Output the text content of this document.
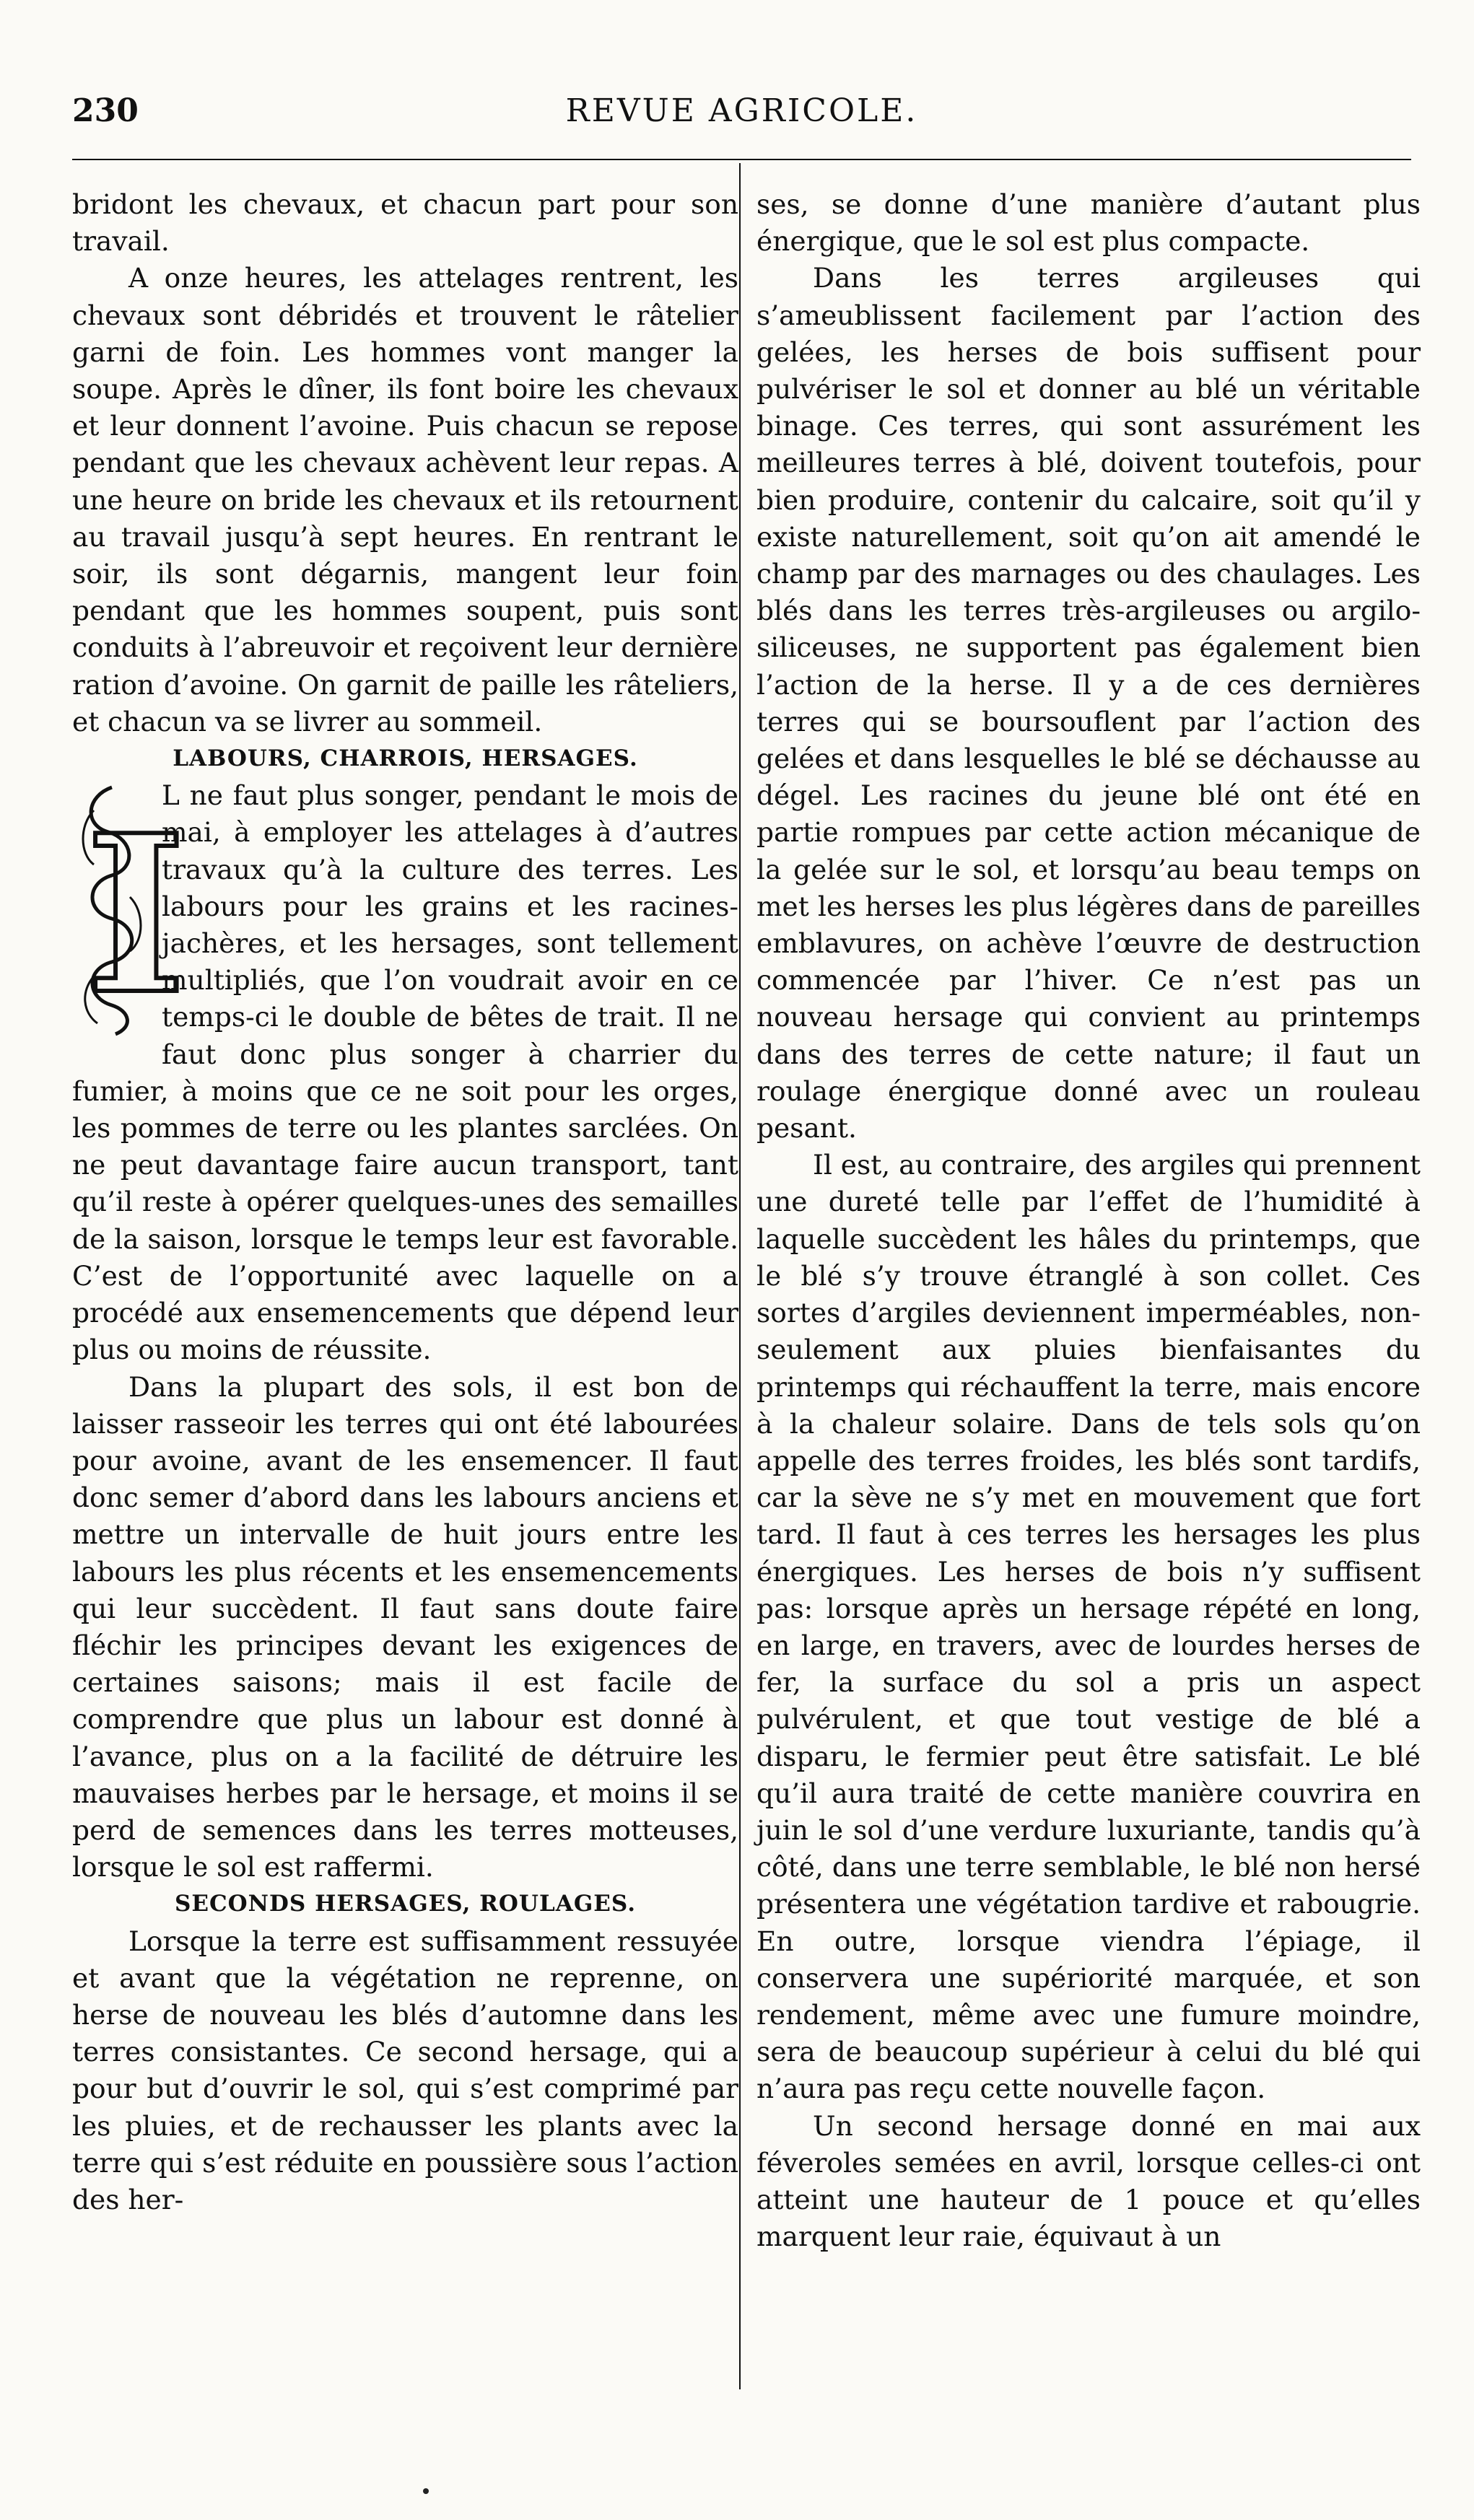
230	REVUE AGRICOLE.

bridont les chevaux, et chacun part pour son travail.

A onze heures, les attelages rentrent, les chevaux sont débridés et trouvent le râtelier garni de foin. Les hommes vont manger la soupe. Après le dîner, ils font boire les chevaux et leur donnent l’avoine. Puis chacun se repose pendant que les chevaux achèvent leur repas. A une heure on bride les chevaux et ils retournent au travail jusqu’à sept heures. En rentrant le soir, ils sont dégarnis, mangent leur foin pendant que les hommes soupent, puis sont conduits à l’abreuvoir et reçoivent leur dernière ration d’avoine. On garnit de paille les râteliers, et chacun va se livrer au sommeil.

LABOURS, CHARROIS, HERSAGES.
I

L ne faut plus songer, pendant le mois de mai, à employer les attelages à d’autres travaux qu’à la culture des terres. Les labours pour les grains et les racines-jachères, et les hersages, sont tellement multipliés, que l’on voudrait avoir en ce temps-ci le double de bêtes de trait. Il ne faut donc plus songer à charrier du fumier, à moins que ce ne soit pour les orges, les pommes de terre ou les plantes sarclées. On ne peut davantage faire aucun transport, tant qu’il reste à opérer quelques-unes des semailles de la saison, lorsque le temps leur est favorable. C’est de l’opportunité avec laquelle on a procédé aux ensemencements que dépend leur plus ou moins de réussite.

Dans la plupart des sols, il est bon de laisser rasseoir les terres qui ont été labourées pour avoine, avant de les ensemencer. Il faut donc semer d’abord dans les labours anciens et mettre un intervalle de huit jours entre les labours les plus récents et les ensemencements qui leur succèdent. Il faut sans doute faire fléchir les principes devant les exigences de certaines saisons; mais il est facile de comprendre que plus un labour est donné à l’avance, plus on a la facilité de détruire les mauvaises herbes par le hersage, et moins il se perd de semences dans les terres motteuses, lorsque le sol est raffermi.

SECONDS HERSAGES, ROULAGES.

Lorsque la terre est suffisamment ressuyée et avant que la végétation ne reprenne, on herse de nouveau les blés d’automne dans les terres consistantes. Ce second hersage, qui a pour but d’ouvrir le sol, qui s’est comprimé par les pluies, et de rechausser les plants avec la terre qui s’est réduite en poussière sous l’action des her-

ses, se donne d’une manière d’autant plus énergique, que le sol est plus compacte.

Dans les terres argileuses qui s’ameublissent facilement par l’action des gelées, les herses de bois suffisent pour pulvériser le sol et donner au blé un véritable binage. Ces terres, qui sont assurément les meilleures terres à blé, doivent toutefois, pour bien produire, contenir du calcaire, soit qu’il y existe naturellement, soit qu’on ait amendé le champ par des marnages ou des chaulages. Les blés dans les terres très-argileuses ou argilo-siliceuses, ne supportent pas également bien l’action de la herse. Il y a de ces dernières terres qui se boursouflent par l’action des gelées et dans lesquelles le blé se déchausse au dégel. Les racines du jeune blé ont été en partie rompues par cette action mécanique de la gelée sur le sol, et lorsqu’au beau temps on met les herses les plus légères dans de pareilles emblavures, on achève l’œuvre de destruction commencée par l’hiver. Ce n’est pas un nouveau hersage qui convient au printemps dans des terres de cette nature; il faut un roulage énergique donné avec un rouleau pesant.

Il est, au contraire, des argiles qui prennent une dureté telle par l’effet de l’humidité à laquelle succèdent les hâles du printemps, que le blé s’y trouve étranglé à son collet. Ces sortes d’argiles deviennent imperméables, non-seulement aux pluies bienfaisantes du printemps qui réchauffent la terre, mais encore à la chaleur solaire. Dans de tels sols qu’on appelle des terres froides, les blés sont tardifs, car la sève ne s’y met en mouvement que fort tard. Il faut à ces terres les hersages les plus énergiques. Les herses de bois n’y suffisent pas: lorsque après un hersage répété en long, en large, en travers, avec de lourdes herses de fer, la surface du sol a pris un aspect pulvérulent, et que tout vestige de blé a disparu, le fermier peut être satisfait. Le blé qu’il aura traité de cette manière couvrira en juin le sol d’une verdure luxuriante, tandis qu’à côté, dans une terre semblable, le blé non hersé présentera une végétation tardive et rabougrie. En outre, lorsque viendra l’épiage, il conservera une supériorité marquée, et son rendement, même avec une fumure moindre, sera de beaucoup supérieur à celui du blé qui n’aura pas reçu cette nouvelle façon.

Un second hersage donné en mai aux féveroles semées en avril, lorsque celles-ci ont atteint une hauteur de 1 pouce et qu’elles marquent leur raie, équivaut à un
